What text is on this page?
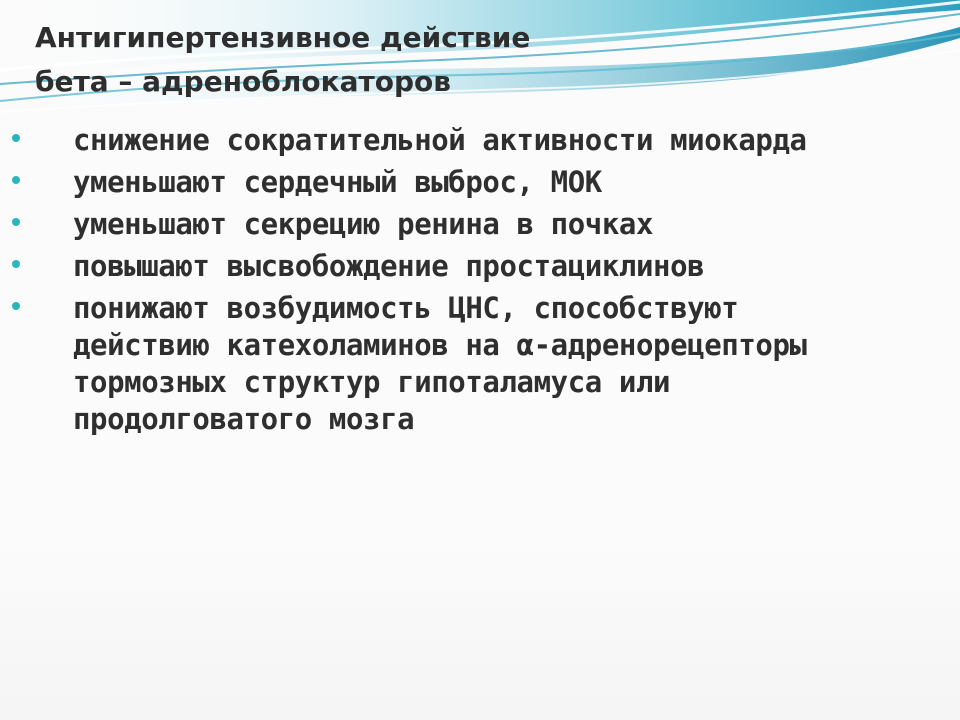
Антигипертензивное действие
бета – адреноблокаторов
снижение сократительной активности миокарда
уменьшают сердечный выброс, МОК
уменьшают секрецию ренина в почках
повышают высвобождение простациклинов
понижают возбудимость ЦНС, способствуют
действию катехоламинов на α-адренорецепторы
тормозных структур гипоталамуса или
продолговатого мозга
